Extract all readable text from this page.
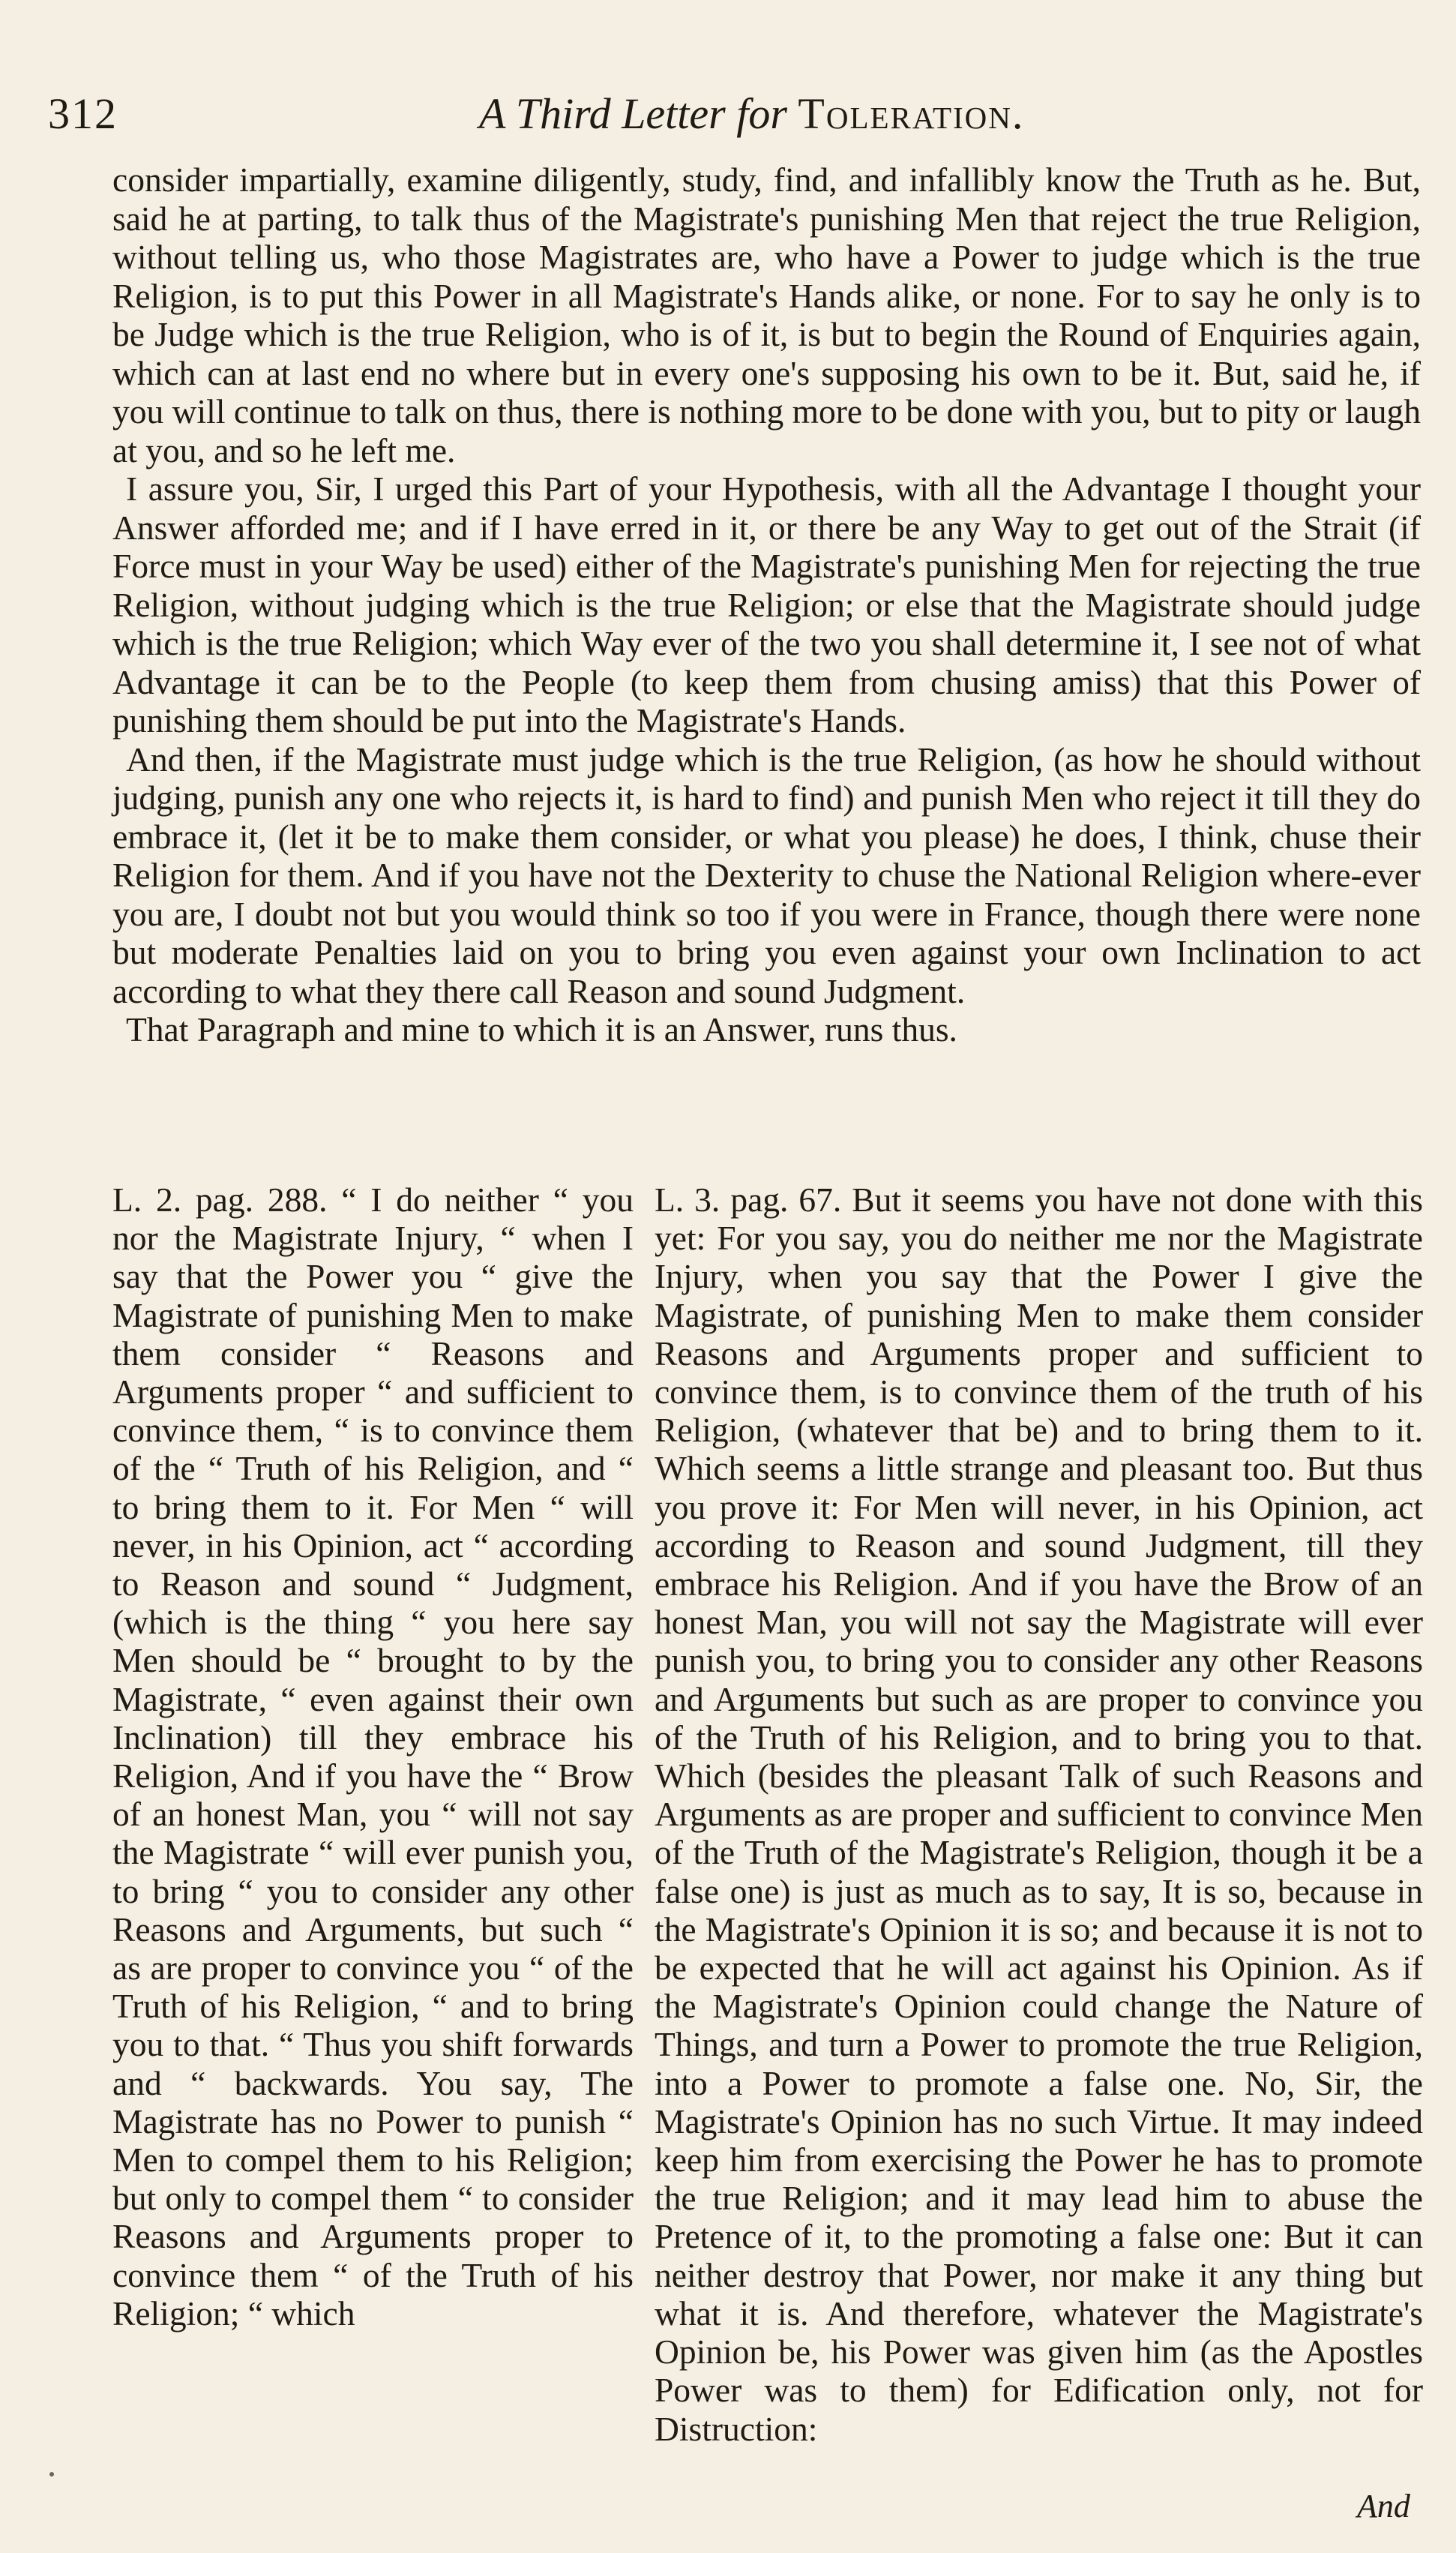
312	A Third Letter for Toleration.

consider impartially, examine diligently, study, find, and infallibly know the Truth as he. But, said he at parting, to talk thus of the Magistrate's punishing Men that reject the true Religion, without telling us, who those Magistrates are, who have a Power to judge which is the true Religion, is to put this Power in all Magistrate's Hands alike, or none. For to say he only is to be Judge which is the true Religion, who is of it, is but to begin the Round of Enquiries again, which can at last end no where but in every one's supposing his own to be it. But, said he, if you will continue to talk on thus, there is nothing more to be done with you, but to pity or laugh at you, and so he left me.

I assure you, Sir, I urged this Part of your Hypothesis, with all the Advantage I thought your Answer afforded me; and if I have erred in it, or there be any Way to get out of the Strait (if Force must in your Way be used) either of the Magistrate's punishing Men for rejecting the true Religion, without judging which is the true Religion; or else that the Magistrate should judge which is the true Religion; which Way ever of the two you shall determine it, I see not of what Advantage it can be to the People (to keep them from chusing amiss) that this Power of punishing them should be put into the Magistrate's Hands.

And then, if the Magistrate must judge which is the true Religion, (as how he should without judging, punish any one who rejects it, is hard to find) and punish Men who reject it till they do embrace it, (let it be to make them consider, or what you please) he does, I think, chuse their Religion for them. And if you have not the Dexterity to chuse the National Religion where-ever you are, I doubt not but you would think so too if you were in France, though there were none but moderate Penalties laid on you to bring you even against your own Inclination to act according to what they there call Reason and sound Judgment.

That Paragraph and mine to which it is an Answer, runs thus.

L. 2. pag. 288. “ I do neither “ you nor the Magistrate Injury, “ when I say that the Power you “ give the Magistrate of punishing Men to make them consider “ Reasons and Arguments proper “ and sufficient to convince them, “ is to convince them of the “ Truth of his Religion, and “ to bring them to it. For Men “ will never, in his Opinion, act “ according to Reason and sound “ Judgment, (which is the thing “ you here say Men should be “ brought to by the Magistrate, “ even against their own Inclination) till they embrace his Religion, And if you have the “ Brow of an honest Man, you “ will not say the Magistrate “ will ever punish you, to bring “ you to consider any other Reasons and Arguments, but such “ as are proper to convince you “ of the Truth of his Religion, “ and to bring you to that. “ Thus you shift forwards and “ backwards. You say, The Magistrate has no Power to punish “ Men to compel them to his Religion; but only to compel them “ to consider Reasons and Arguments proper to convince them “ of the Truth of his Religion; “ which

L. 3. pag. 67. But it seems you have not done with this yet: For you say, you do neither me nor the Magistrate Injury, when you say that the Power I give the Magistrate, of punishing Men to make them consider Reasons and Arguments proper and sufficient to convince them, is to convince them of the truth of his Religion, (whatever that be) and to bring them to it. Which seems a little strange and pleasant too. But thus you prove it: For Men will never, in his Opinion, act according to Reason and sound Judgment, till they embrace his Religion. And if you have the Brow of an honest Man, you will not say the Magistrate will ever punish you, to bring you to consider any other Reasons and Arguments but such as are proper to convince you of the Truth of his Religion, and to bring you to that. Which (besides the pleasant Talk of such Reasons and Arguments as are proper and sufficient to convince Men of the Truth of the Magistrate's Religion, though it be a false one) is just as much as to say, It is so, because in the Magistrate's Opinion it is so; and because it is not to be expected that he will act against his Opinion. As if the Magistrate's Opinion could change the Nature of Things, and turn a Power to promote the true Religion, into a Power to promote a false one. No, Sir, the Magistrate's Opinion has no such Virtue. It may indeed keep him from exercising the Power he has to promote the true Religion; and it may lead him to abuse the Pretence of it, to the promoting a false one: But it can neither destroy that Power, nor make it any thing but what it is. And therefore, whatever the Magistrate's Opinion be, his Power was given him (as the Apostles Power was to them) for Edification only, not for Distruction:

And
